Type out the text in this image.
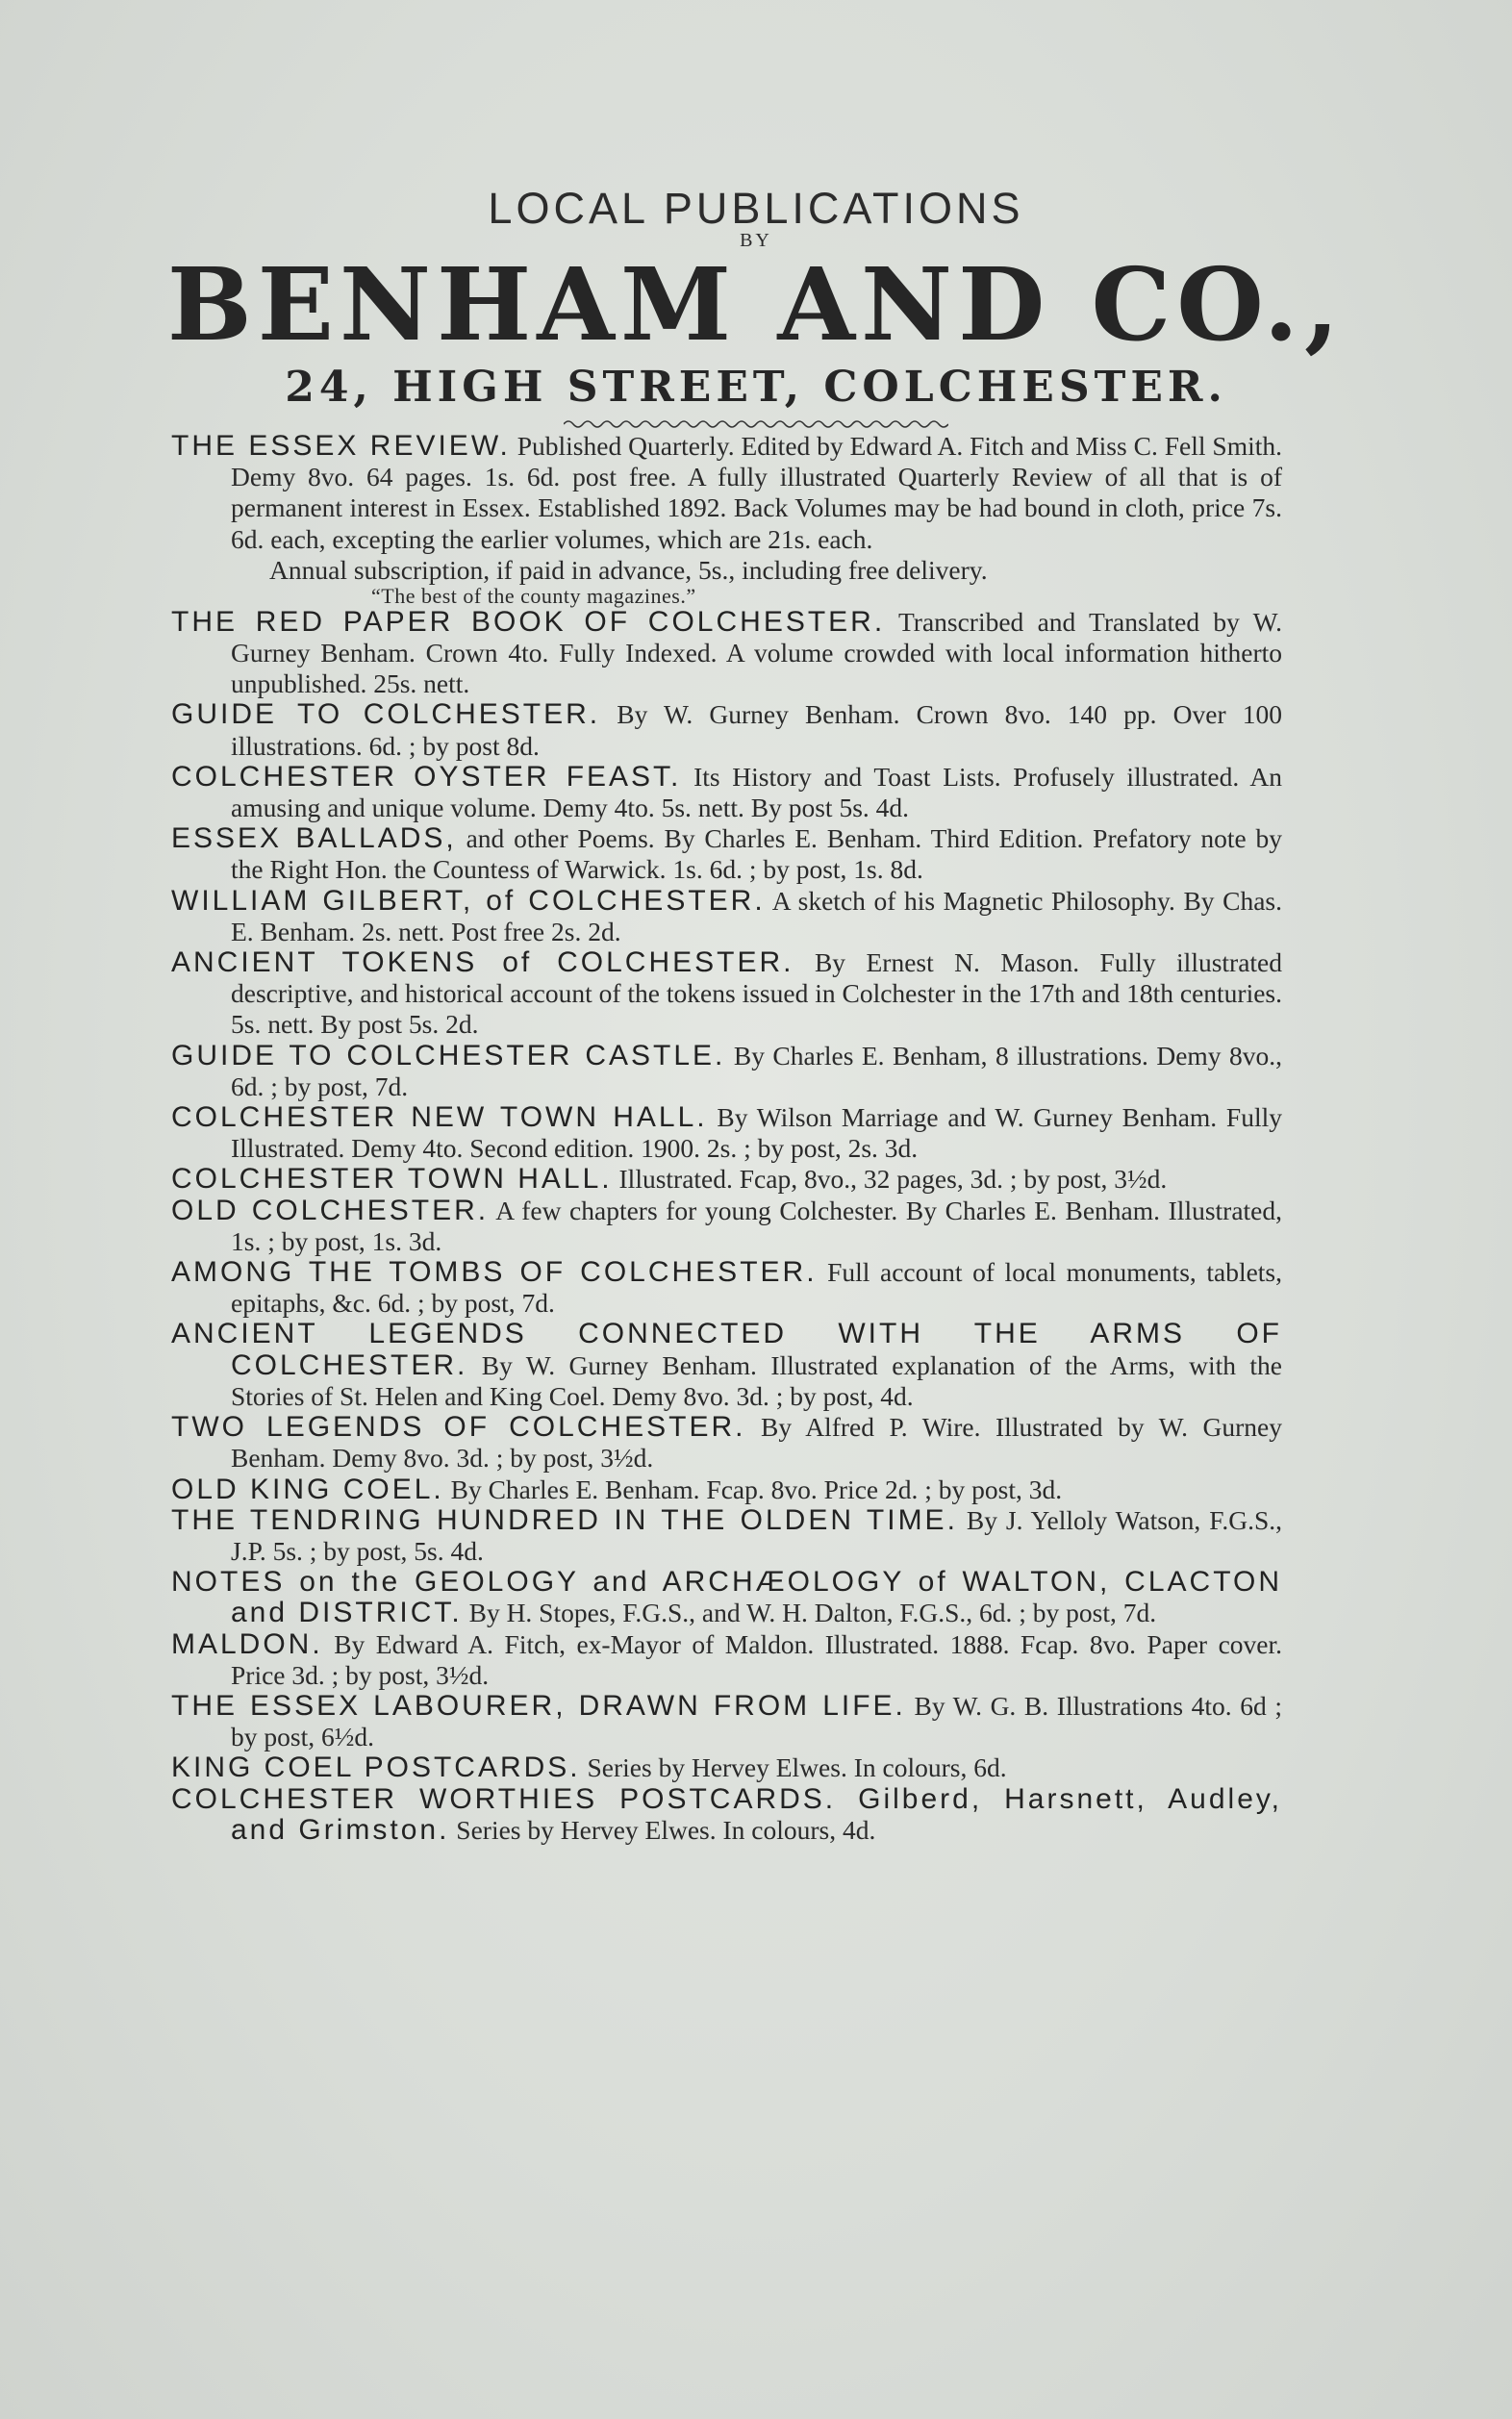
LOCAL PUBLICATIONS
BY
BENHAM AND CO.,
24, HIGH STREET, COLCHESTER.
THE ESSEX REVIEW. Published Quarterly. Edited by Edward A. Fitch and Miss C. Fell Smith. Demy 8vo. 64 pages. 1s. 6d. post free. A fully illustrated Quarterly Review of all that is of permanent interest in Essex. Established 1892. Back Volumes may be had bound in cloth, price 7s. 6d. each, excepting the earlier volumes, which are 21s. each.
Annual subscription, if paid in advance, 5s., including free delivery.
“The best of the county magazines.”
THE RED PAPER BOOK OF COLCHESTER. Transcribed and Translated by W. Gurney Benham. Crown 4to. Fully Indexed. A volume crowded with local information hitherto unpublished. 25s. nett.
GUIDE TO COLCHESTER. By W. Gurney Benham. Crown 8vo. 140 pp. Over 100 illustrations. 6d. ; by post 8d.
COLCHESTER OYSTER FEAST. Its History and Toast Lists. Profusely illustrated. An amusing and unique volume. Demy 4to. 5s. nett. By post 5s. 4d.
ESSEX BALLADS, and other Poems. By Charles E. Benham. Third Edition. Prefatory note by the Right Hon. the Countess of Warwick. 1s. 6d. ; by post, 1s. 8d.
WILLIAM GILBERT, of COLCHESTER. A sketch of his Magnetic Philosophy. By Chas. E. Benham. 2s. nett. Post free 2s. 2d.
ANCIENT TOKENS of COLCHESTER. By Ernest N. Mason. Fully illustrated descriptive, and historical account of the tokens issued in Colchester in the 17th and 18th centuries. 5s. nett. By post 5s. 2d.
GUIDE TO COLCHESTER CASTLE. By Charles E. Benham, 8 illustrations. Demy 8vo., 6d. ; by post, 7d.
COLCHESTER NEW TOWN HALL. By Wilson Marriage and W. Gurney Benham. Fully Illustrated. Demy 4to. Second edition. 1900. 2s. ; by post, 2s. 3d.
COLCHESTER TOWN HALL. Illustrated. Fcap, 8vo., 32 pages, 3d. ; by post, 3½d.
OLD COLCHESTER. A few chapters for young Colchester. By Charles E. Benham. Illustrated, 1s. ; by post, 1s. 3d.
AMONG THE TOMBS OF COLCHESTER. Full account of local monuments, tablets, epitaphs, &c. 6d. ; by post, 7d.
ANCIENT LEGENDS CONNECTED WITH THE ARMS OF COLCHESTER. By W. Gurney Benham. Illustrated explanation of the Arms, with the Stories of St. Helen and King Coel. Demy 8vo. 3d. ; by post, 4d.
TWO LEGENDS OF COLCHESTER. By Alfred P. Wire. Illustrated by W. Gurney Benham. Demy 8vo. 3d. ; by post, 3½d.
OLD KING COEL. By Charles E. Benham. Fcap. 8vo. Price 2d. ; by post, 3d.
THE TENDRING HUNDRED IN THE OLDEN TIME. By J. Yelloly Watson, F.G.S., J.P. 5s. ; by post, 5s. 4d.
NOTES on the GEOLOGY and ARCHÆOLOGY of WALTON, CLACTON and DISTRICT. By H. Stopes, F.G.S., and W. H. Dalton, F.G.S., 6d. ; by post, 7d.
MALDON. By Edward A. Fitch, ex-Mayor of Maldon. Illustrated. 1888. Fcap. 8vo. Paper cover. Price 3d. ; by post, 3½d.
THE ESSEX LABOURER, DRAWN FROM LIFE. By W. G. B. Illustrations 4to. 6d ; by post, 6½d.
KING COEL POSTCARDS. Series by Hervey Elwes. In colours, 6d.
COLCHESTER WORTHIES POSTCARDS. Gilberd, Harsnett, Audley, and Grimston. Series by Hervey Elwes. In colours, 4d.
